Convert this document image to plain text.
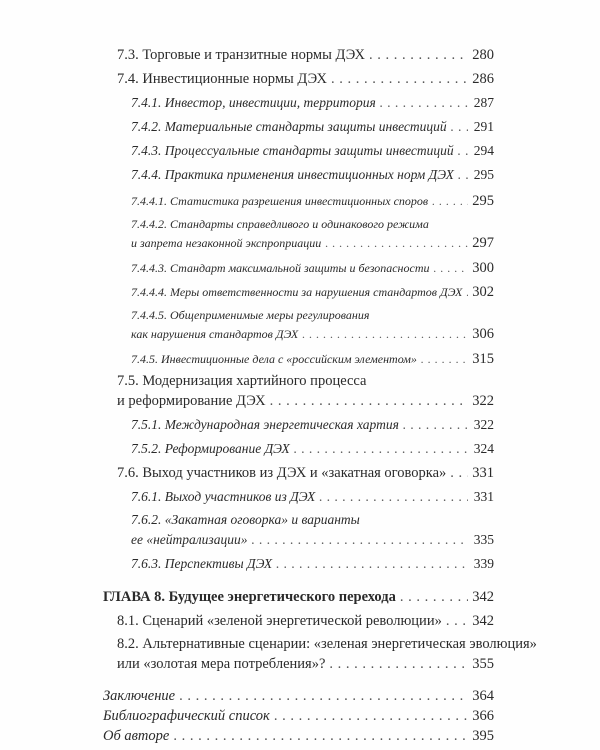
7.3. Торговые и транзитные нормы ДЭХ . . .	280
7.4. Инвестиционные нормы ДЭХ . . .	286
7.4.1. Инвестор, инвестиции, территория . . .	287
7.4.2. Материальные стандарты защиты инвестиций . . . 291
7.4.3. Процессуальные стандарты защиты инвестиций . . . 294
7.4.4. Практика применения инвестиционных норм ДЭХ . . . 295
7.4.4.1. Статистика разрешения инвестиционных споров . . .	295
7.4.4.2. Стандарты справедливого и одинакового режима
и запрета незаконной экспроприации . . .	297
7.4.4.3. Стандарт максимальной защиты и безопасности . . .	300
7.4.4.4. Меры ответственности за нарушения стандартов ДЭХ . . . 302
7.4.4.5. Общеприменимые меры регулирования
как нарушения стандартов ДЭХ . . .	306
7.4.5. Инвестиционные дела с «российским элементом» . . .	315
7.5. Модернизация хартийного процесса
и реформирование ДЭХ . . .	322
7.5.1. Международная энергетическая хартия . . .	322
7.5.2. Реформирование ДЭХ . . .	324
7.6. Выход участников из ДЭХ и «закатная оговорка» . . . 331
7.6.1. Выход участников из ДЭХ . . .	331
7.6.2. «Закатная оговорка» и варианты
ее «нейтрализации» . . .	335
7.6.3. Перспективы ДЭХ . . .	339
ГЛАВА 8. Будущее энергетического перехода . . .	342
8.1. Сценарий «зеленой энергетической революции» . . . 342
8.2. Альтернативные сценарии: «зеленая энергетическая эволюция»
или «золотая мера потребления»? . . .	355
Заключение . . .	364
Библиографический список . . .	366
Об авторе . . .	395
